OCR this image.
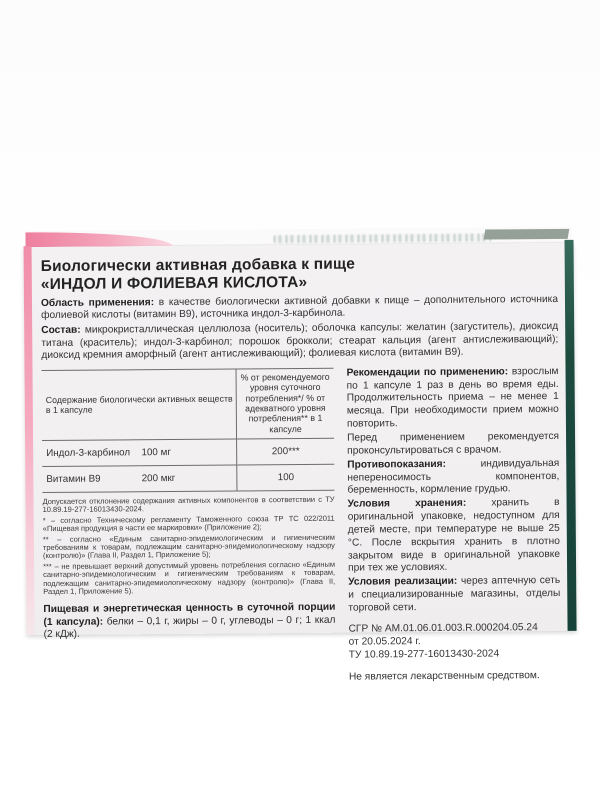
Биологически активная добавка к пище
«ИНДОЛ И ФОЛИЕВАЯ КИСЛОТА»

Область применения: в качестве биологически активной добавки к пище – дополнительного источника фолиевой кислоты (витамин В9), источника индол-3-карбинола.

Состав: микрокристаллическая целлюлоза (носитель); оболочка капсулы: желатин (загуститель), диоксид титана (краситель); индол-3-карбинол; порошок брокколи; стеарат кальция (агент антислеживающий); диоксид кремния аморфный (агент антислеживающий); фолиевая кислота (витамин В9).

Содержание биологически активных веществ в 1 капсуле		% от рекомендуемого уровня суточного потребления*/ % от адекватного уровня потребления** в 1 капсуле
Индол-3-карбинол	100 мг	200***
Витамин В9	200 мкг	100

Допускается отклонение содержания активных компонентов в соответствии с ТУ 10.89.19-277-16013430-2024.

* – согласно Техническому регламенту Таможенного союза ТР ТС 022/2011 «Пищевая продукция в части ее маркировки» (Приложение 2);

** – согласно «Единым санитарно-эпидемиологическим и гигиеническим требованиям к товарам, подлежащим санитарно-эпидемиологическому надзору (контролю)» (Глава II, Раздел 1, Приложение 5);

*** – не превышает верхний допустимый уровень потребления согласно «Единым санитарно-эпидемиологическим и гигиеническим требованиям к товарам, подлежащим санитарно-эпидемиологическому надзору (контролю)» (Глава II, Раздел 1, Приложение 5).

Пищевая и энергетическая ценность в суточной порции (1 капсула): белки – 0,1 г, жиры – 0 г, углеводы – 0 г; 1 ккал (2 кДж).

Рекомендации по применению: взрослым по 1 капсуле 1 раз в день во время еды. Продолжительность приема – не менее 1 месяца. При необходимости прием можно повторить.

Перед применением рекомендуется проконсультироваться с врачом.

Противопоказания:	индивидуальная непереносимость компонентов, беременность, кормление грудью.

Условия хранения: хранить в оригинальной упаковке, недоступном для детей месте, при температуре не выше 25 °С. После вскрытия хранить в плотно закрытом виде в оригинальной упаковке при тех же условиях.

Условия реализации: через аптечную сеть и специализированные магазины, отделы торговой сети.

СГР № АМ.01.06.01.003.R.000204.05.24

от 20.05.2024 г.

ТУ 10.89.19-277-16013430-2024

Не является лекарственным средством.
